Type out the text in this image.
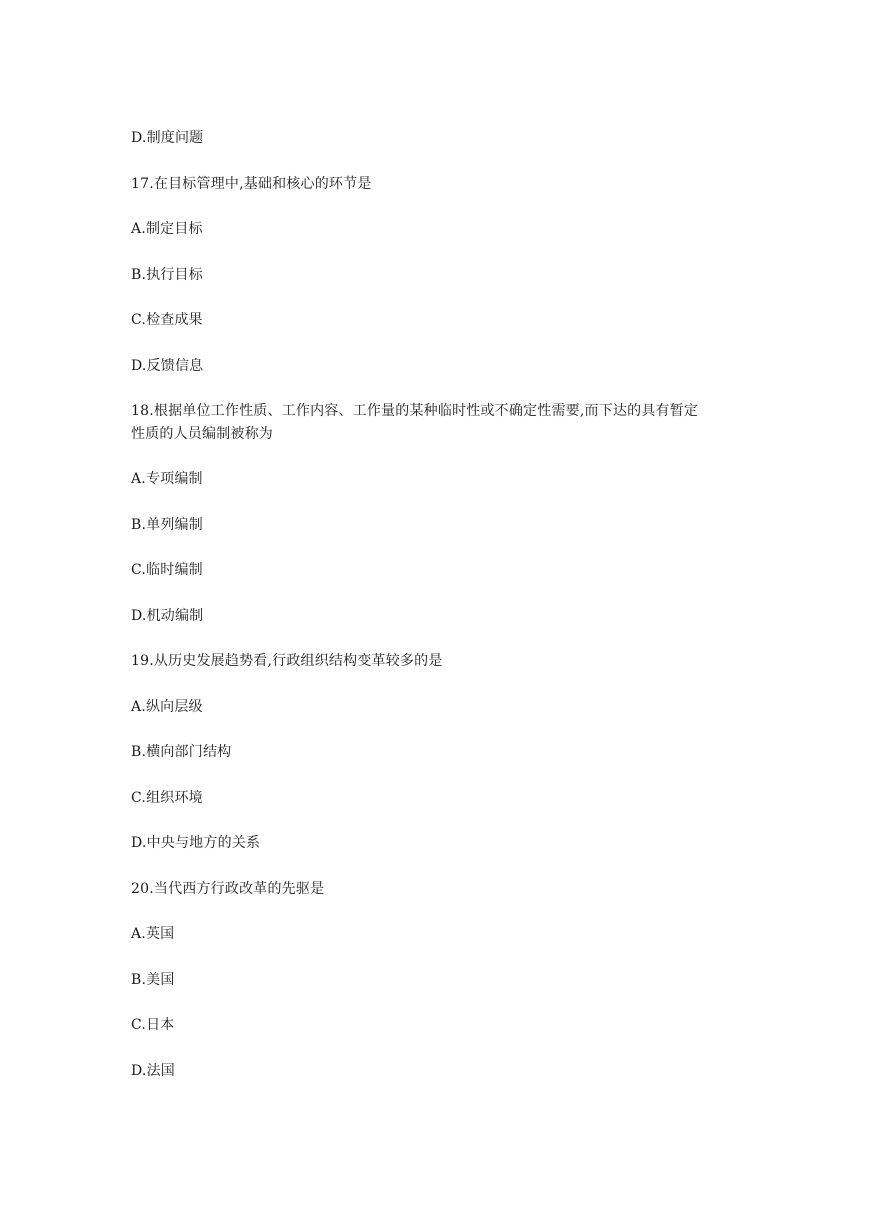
D.制度问题
17.在目标管理中,基础和核心的环节是
A.制定目标
B.执行目标
C.检查成果
D.反馈信息
18.根据单位工作性质、工作内容、工作量的某种临时性或不确定性需要,而下达的具有暂定
性质的人员编制被称为
A.专项编制
B.单列编制
C.临时编制
D.机动编制
19.从历史发展趋势看,行政组织结构变革较多的是
A.纵向层级
B.横向部门结构
C.组织环境
D.中央与地方的关系
20.当代西方行政改革的先驱是
A.英国
B.美国
C.日本
D.法国
